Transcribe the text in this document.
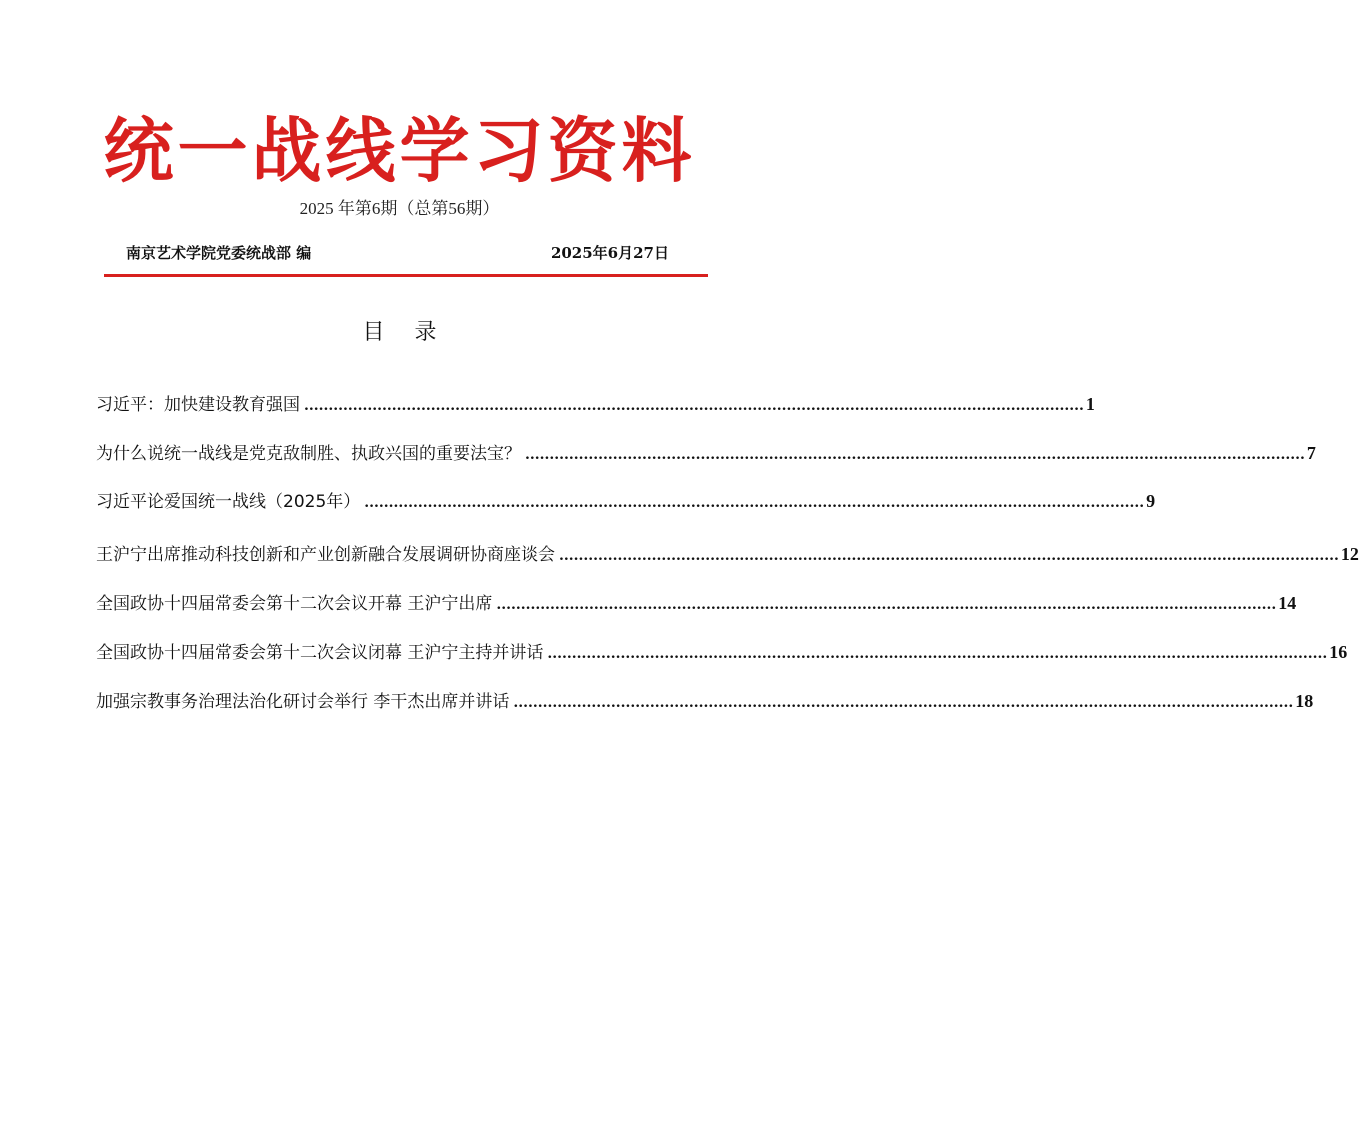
统一战线学习资料
2025 年第6期（总第56期）
南京艺术学院党委统战部 编	2025年6月27日
目录
习近平：加快建设教育强国 .....	1
为什么说统一战线是党克敌制胜、执政兴国的重要法宝？ .....	7
习近平论爱国统一战线（2025年） .....	9
王沪宁出席推动科技创新和产业创新融合发展调研协商座谈会 .....	12
全国政协十四届常委会第十二次会议开幕 王沪宁出席 .....	14
全国政协十四届常委会第十二次会议闭幕 王沪宁主持并讲话 .....	16
加强宗教事务治理法治化研讨会举行 李干杰出席并讲话 .....	18
